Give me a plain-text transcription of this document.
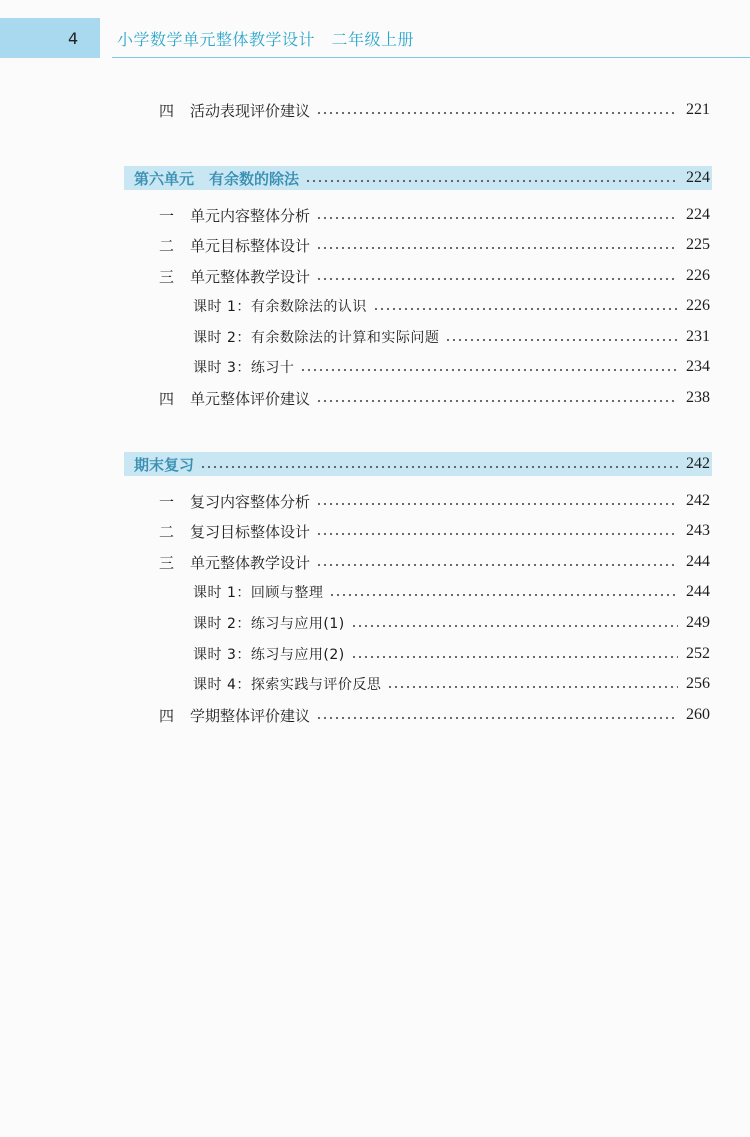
4 小学数学单元整体教学设计　二年级上册
四	活动表现评价建议	221
第六单元　有余数的除法	224
一	单元内容整体分析	224
二	单元目标整体设计	225
三	单元整体教学设计	226
课时 1：有余数除法的认识	226
课时 2：有余数除法的计算和实际问题	231
课时 3：练习十	234
四	单元整体评价建议	238
期末复习	242
一	复习内容整体分析	242
二	复习目标整体设计	243
三	单元整体教学设计	244
课时 1：回顾与整理	244
课时 2：练习与应用(1)	249
课时 3：练习与应用(2)	252
课时 4：探索实践与评价反思	256
四	学期整体评价建议	260
